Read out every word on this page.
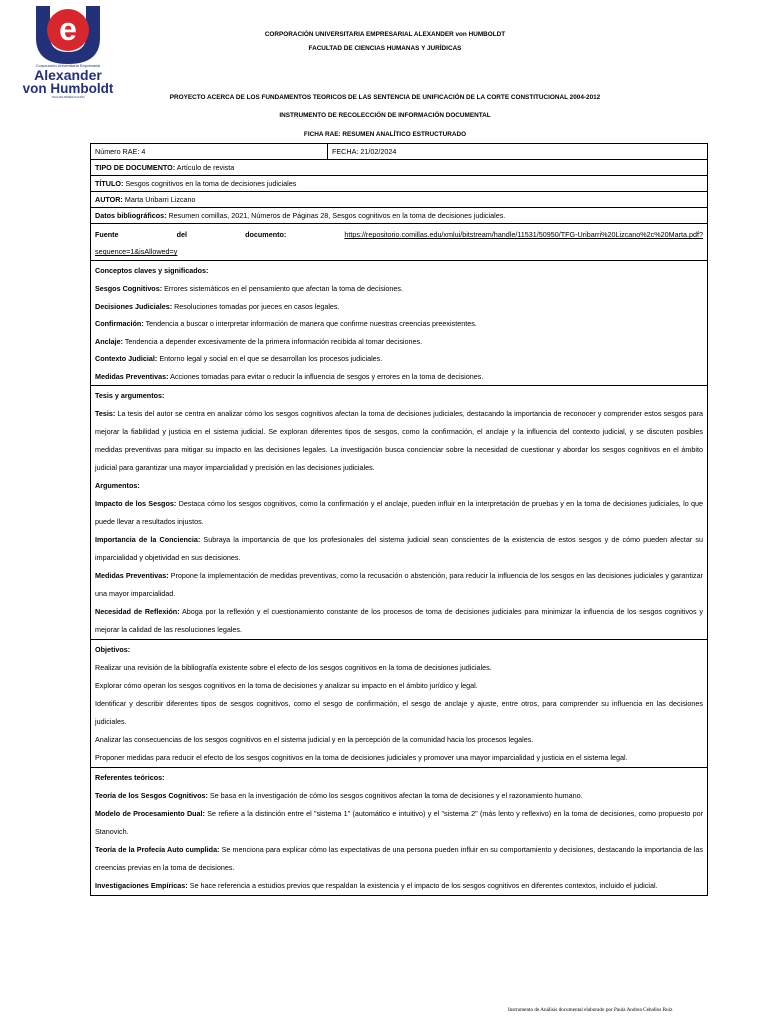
e
Corporación Universitaria Empresarial
Alexander
von Humboldt
VIGILADA MINEDUCACIÓN
CORPORACIÓN UNIVERSITARIA EMPRESARIAL ALEXANDER von HUMBOLDT
FACULTAD DE CIENCIAS HUMANAS Y JURÍDICAS
PROYECTO ACERCA DE LOS FUNDAMENTOS TEORICOS DE LAS SENTENCIA DE UNIFICACIÓN DE LA CORTE CONSTITUCIONAL 2004-2012
INSTRUMENTO DE RECOLECCIÓN DE INFORMACIÓN DOCUMENTAL
FICHA RAE: RESUMEN ANALÍTICO ESTRUCTURADO
Número RAE: 4	FECHA: 21/02/2024
TIPO DE DOCUMENTO: Artículo de revista
TÍTULO: Sesgos cognitivos en la toma de decisiones judiciales
AUTOR: Marta Uribarri Lizcano
Datos bibliográficos: Resumen comillas, 2021, Números de Páginas 28, Sesgos cognitivos en la toma de decisiones judiciales.

Fuente	del	documento:	https://repositorio.comillas.edu/xmlui/bitstream/handle/11531/50950/TFG-Uribarri%20Lizcano%2c%20Marta.pdf?
sequence=1&isAllowed=y

Conceptos claves y significados:

Sesgos Cognitivos: Errores sistemáticos en el pensamiento que afectan la toma de decisiones.

Decisiones Judiciales: Resoluciones tomadas por jueces en casos legales.

Confirmación: Tendencia a buscar o interpretar información de manera que confirme nuestras creencias preexistentes.

Anclaje: Tendencia a depender excesivamente de la primera información recibida al tomar decisiones.

Contexto Judicial: Entorno legal y social en el que se desarrollan los procesos judiciales.

Medidas Preventivas: Acciones tomadas para evitar o reducir la influencia de sesgos y errores en la toma de decisiones.

Tesis y argumentos:

Tesis: La tesis del autor se centra en analizar cómo los sesgos cognitivos afectan la toma de decisiones judiciales, destacando la importancia de reconocer y comprender estos sesgos para mejorar la fiabilidad y justicia en el sistema judicial. Se exploran diferentes tipos de sesgos, como la confirmación, el anclaje y la influencia del contexto judicial, y se discuten posibles medidas preventivas para mitigar su impacto en las decisiones legales. La investigación busca concienciar sobre la necesidad de cuestionar y abordar los sesgos cognitivos en el ámbito judicial para garantizar una mayor imparcialidad y precisión en las decisiones judiciales.

Argumentos:

Impacto de los Sesgos: Destaca cómo los sesgos cognitivos, como la confirmación y el anclaje, pueden influir en la interpretación de pruebas y en la toma de decisiones judiciales, lo que puede llevar a resultados injustos.

Importancia de la Conciencia: Subraya la importancia de que los profesionales del sistema judicial sean conscientes de la existencia de estos sesgos y de cómo pueden afectar su imparcialidad y objetividad en sus decisiones.

Medidas Preventivas: Propone la implementación de medidas preventivas, como la recusación o abstención, para reducir la influencia de los sesgos en las decisiones judiciales y garantizar una mayor imparcialidad.

Necesidad de Reflexión: Aboga por la reflexión y el cuestionamiento constante de los procesos de toma de decisiones judiciales para minimizar la influencia de los sesgos cognitivos y mejorar la calidad de las resoluciones legales.

Objetivos:

Realizar una revisión de la bibliografía existente sobre el efecto de los sesgos cognitivos en la toma de decisiones judiciales.

Explorar cómo operan los sesgos cognitivos en la toma de decisiones y analizar su impacto en el ámbito jurídico y legal.

Identificar y describir diferentes tipos de sesgos cognitivos, como el sesgo de confirmación, el sesgo de anclaje y ajuste, entre otros, para comprender su influencia en las decisiones judiciales.

Analizar las consecuencias de los sesgos cognitivos en el sistema judicial y en la percepción de la comunidad hacia los procesos legales.

Proponer medidas para reducir el efecto de los sesgos cognitivos en la toma de decisiones judiciales y promover una mayor imparcialidad y justicia en el sistema legal.

Referentes teóricos:

Teoría de los Sesgos Cognitivos: Se basa en la investigación de cómo los sesgos cognitivos afectan la toma de decisiones y el razonamiento humano.

Modelo de Procesamiento Dual: Se refiere a la distinción entre el "sistema 1" (automático e intuitivo) y el "sistema 2" (más lento y reflexivo) en la toma de decisiones, como propuesto por Stanovich.

Teoría de la Profecía Auto cumplida: Se menciona para explicar cómo las expectativas de una persona pueden influir en su comportamiento y decisiones, destacando la importancia de las creencias previas en la toma de decisiones.

Investigaciones Empíricas: Se hace referencia a estudios previos que respaldan la existencia y el impacto de los sesgos cognitivos en diferentes contextos, incluido el judicial.

Instrumento de Análisis documental elaborado por Paula Andrea Ceballos Ruiz
